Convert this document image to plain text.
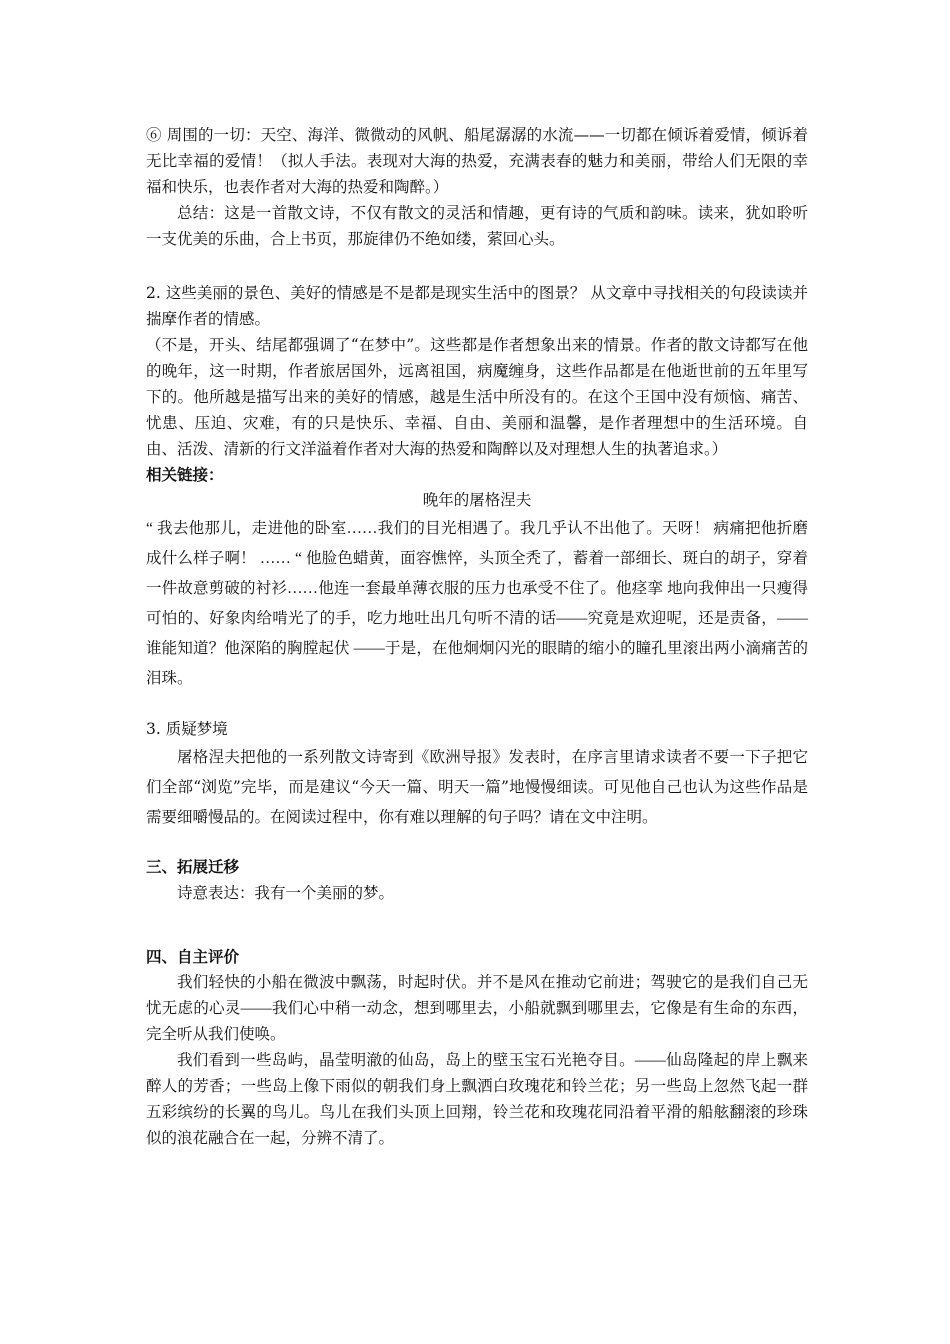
⑥ 周围的一切：天空、海洋、微微动的风帆、船尾潺潺的水流——一切都在倾诉着爱情，倾诉着无比幸福的爱情！（拟人手法。表现对大海的热爱，充满表春的魅力和美丽，带给人们无限的幸福和快乐，也表作者对大海的热爱和陶醉。）

总结：这是一首散文诗，不仅有散文的灵活和情趣，更有诗的气质和韵味。读来，犹如聆听一支优美的乐曲，合上书页，那旋律仍不绝如缕，萦回心头。

2. 这些美丽的景色、美好的情感是不是都是现实生活中的图景？ 从文章中寻找相关的句段读读并揣摩作者的情感。

（不是，开头、结尾都强调了“在梦中”。这些都是作者想象出来的情景。作者的散文诗都写在他的晚年，这一时期，作者旅居国外，远离祖国，病魔缠身，这些作品都是在他逝世前的五年里写下的。他所越是描写出来的美好的情感，越是生活中所没有的。在这个王国中没有烦恼、痛苦、忧患、压迫、灾难，有的只是快乐、幸福、自由、美丽和温馨，是作者理想中的生活环境。自由、活泼、清新的行文洋溢着作者对大海的热爱和陶醉以及对理想人生的执著追求。）

相关链接：

晚年的屠格涅夫

“ 我去他那儿，走进他的卧室……我们的目光相遇了。我几乎认不出他了。天呀！ 病痛把他折磨成什么样子啊！ …… “ 他脸色蜡黄，面容憔悴，头顶全秃了，蓄着一部细长、斑白的胡子，穿着一件故意剪破的衬衫……他连一套最单薄衣服的压力也承受不住了。他痉挛 地向我伸出一只瘦得可怕的、好象肉给啃光了的手，吃力地吐出几句听不清的话——究竟是欢迎呢，还是责备，——谁能知道？他深陷的胸膛起伏 ——于是，在他炯炯闪光的眼睛的缩小的瞳孔里滚出两小滴痛苦的泪珠。

3. 质疑梦境

屠格涅夫把他的一系列散文诗寄到《欧洲导报》发表时，在序言里请求读者不要一下子把它们全部“浏览”完毕，而是建议“今天一篇、明天一篇”地慢慢细读。可见他自己也认为这些作品是需要细嚼慢品的。在阅读过程中，你有难以理解的句子吗？请在文中注明。

三、拓展迁移

诗意表达：我有一个美丽的梦。

四、自主评价

我们轻快的小船在微波中飘荡，时起时伏。并不是风在推动它前进；驾驶它的是我们自己无忧无虑的心灵——我们心中稍一动念，想到哪里去，小船就飘到哪里去，它像是有生命的东西，完全听从我们使唤。

我们看到一些岛屿，晶莹明澈的仙岛，岛上的壁玉宝石光艳夺目。——仙岛隆起的岸上飘来醉人的芳香；一些岛上像下雨似的朝我们身上飘洒白玫瑰花和铃兰花；另一些岛上忽然飞起一群五彩缤纷的长翼的鸟儿。鸟儿在我们头顶上回翔，铃兰花和玫瑰花同沿着平滑的船舷翻滚的珍珠似的浪花融合在一起，分辨不清了。
